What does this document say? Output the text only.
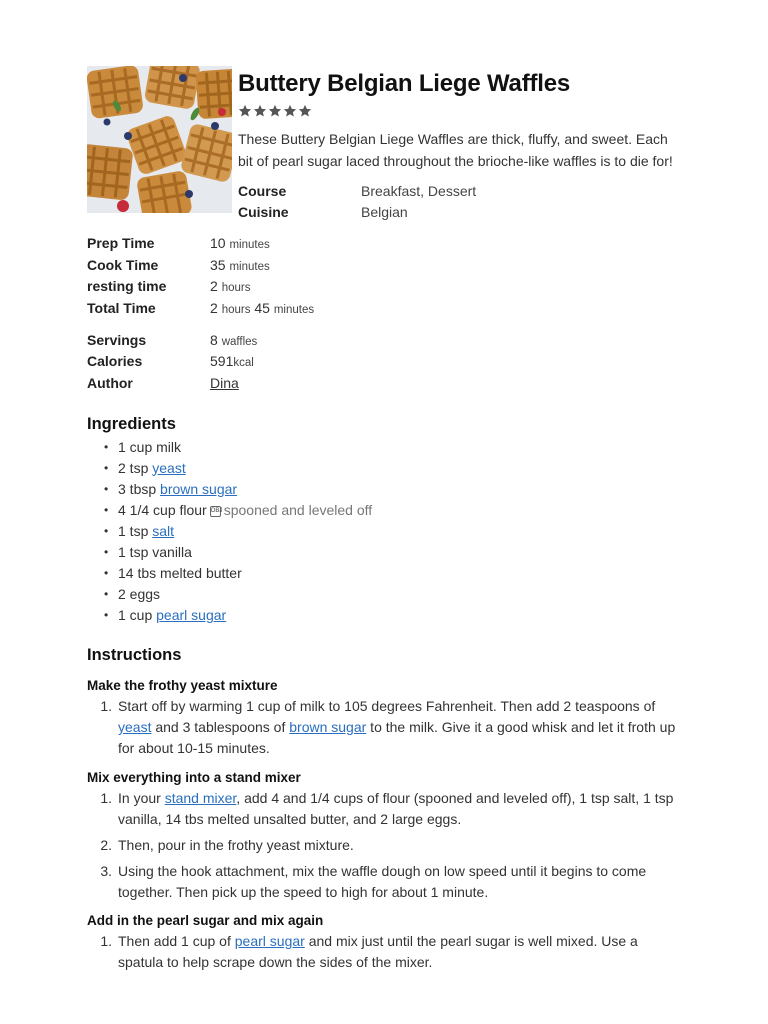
Buttery Belgian Liege Waffles
These Buttery Belgian Liege Waffles are thick, fluffy, and sweet. Each bit of pearl sugar laced throughout the brioche-like waffles is to die for!
Course	Breakfast, Dessert
Cuisine	Belgian
Prep Time	10 minutes
Cook Time	35 minutes
resting time	2 hours
Total Time	2 hours 45 minutes
Servings	8 waffles
Calories	591kcal
Author	Dina
Ingredients
• 1 cup milk
• 2 tsp yeast
• 3 tbsp brown sugar
• 4 1/4 cup flour OBJspooned and leveled off
• 1 tsp salt
• 1 tsp vanilla
• 14 tbs melted butter
• 2 eggs
• 1 cup pearl sugar
Instructions
Make the frothy yeast mixture
1. Start off by warming 1 cup of milk to 105 degrees Fahrenheit. Then add 2 teaspoons of yeast and 3 tablespoons of brown sugar to the milk. Give it a good whisk and let it froth up for about 10-15 minutes.
Mix everything into a stand mixer
1. In your stand mixer, add 4 and 1/4 cups of flour (spooned and leveled off), 1 tsp salt, 1 tsp vanilla, 14 tbs melted unsalted butter, and 2 large eggs.
2. Then, pour in the frothy yeast mixture.
3. Using the hook attachment, mix the waffle dough on low speed until it begins to come together. Then pick up the speed to high for about 1 minute.
Add in the pearl sugar and mix again
1. Then add 1 cup of pearl sugar and mix just until the pearl sugar is well mixed. Use a spatula to help scrape down the sides of the mixer.
